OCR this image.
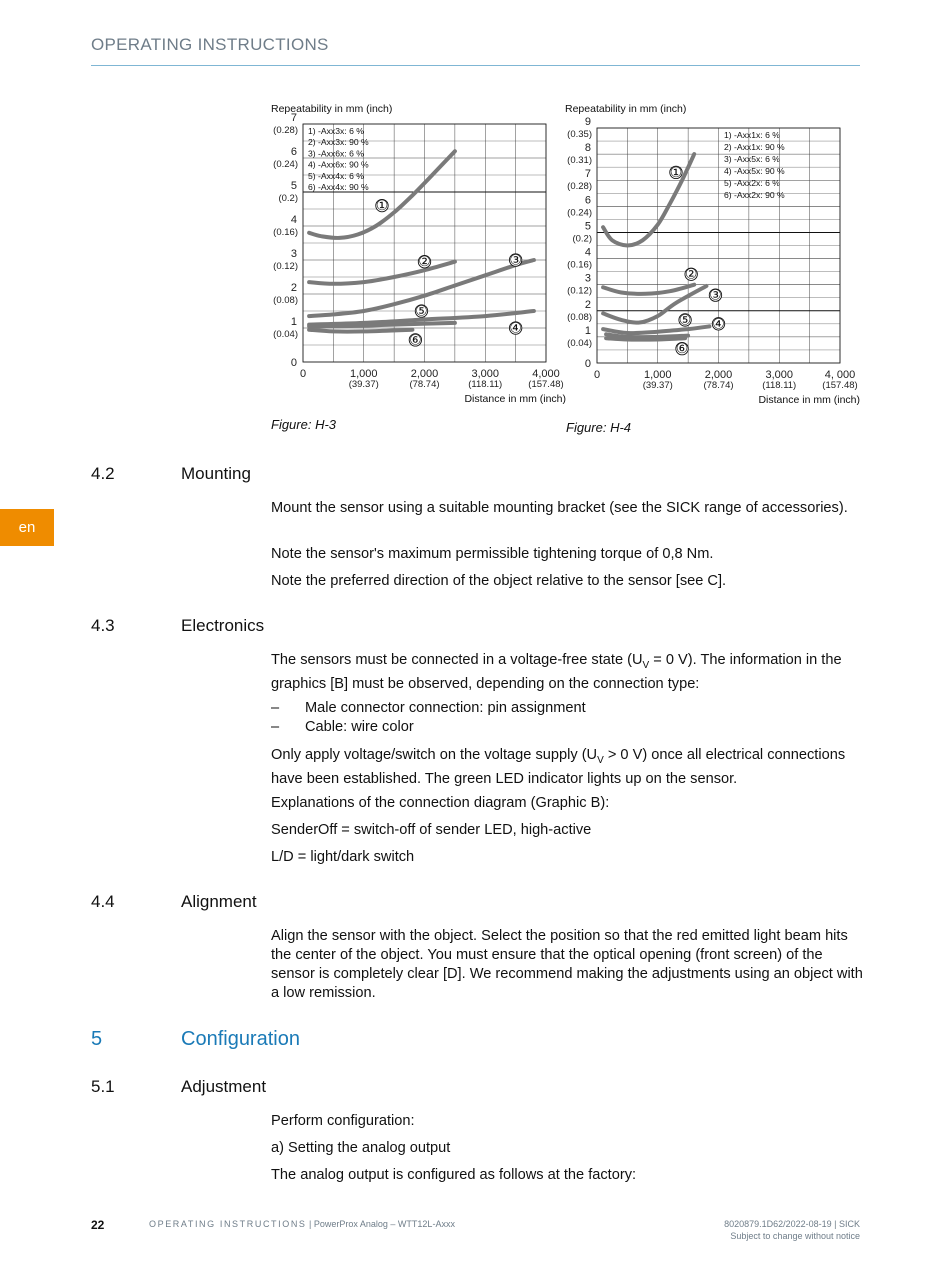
OPERATING INSTRUCTIONS
en
Repeatability in mm (inch)
0
1
(0.04)
2
(0.08)
3
(0.12)
4
(0.16)
5
(0.2)
6
(0.24)
7
(0.28)
0	1,000
(39.37)
2,000
(78.74)
3,000
(118.11)
4,000
(157.48)
Distance in mm (inch)
1) -Axx3x: 6 %
2) -Axx3x: 90 %
3) -Axx6x: 6 %
4) -Axx6x: 90 %
5) -Axx4x: 6 %
6) -Axx4x: 90 %
①
②	③
④
⑤
⑥
Figure: H-3
Repeatability in mm (inch)
0
1
(0.04)
2
(0.08)
3
(0.12)
4
(0.16)
5
(0.2)
6
(0.24)
7
(0.28)
8
(0.31)
9
(0.35)
0	1,000
(39.37)
2,000
(78.74)
3,000
(118.11)
4, 000
(157.48)
Distance in mm (inch)
1) -Axx1x: 6 %
2) -Axx1x: 90 %
3) -Axx5x: 6 %
4) -Axx5x: 90 %
5) -Axx2x: 6 %
6) -Axx2x: 90 %
①
②
③
④
⑤
⑥
Figure: H-4
4.2	Mounting
Mount the sensor using a suitable mounting bracket (see the SICK range of accessories).
Note the sensor's maximum permissible tightening torque of 0,8 Nm.
Note the preferred direction of the object relative to the sensor [see C].
4.3	Electronics
The sensors must be connected in a voltage-free state ($U_V = 0$ V). The information in the graphics [B] must be observed, depending on the connection type:
– Male connector connection: pin assignment
– Cable: wire color
Only apply voltage/switch on the voltage supply ($U_V > 0$ V) once all electrical connections have been established. The green LED indicator lights up on the sensor.
Explanations of the connection diagram (Graphic B):
SenderOff = switch-off of sender LED, high-active
L/D = light/dark switch
4.4	Alignment
Align the sensor with the object. Select the position so that the red emitted light beam hits the center of the object. You must ensure that the optical opening (front screen) of the sensor is completely clear [D]. We recommend making the adjustments using an object with a low remission.
5	Configuration
5.1	Adjustment
Perform configuration:
a) Setting the analog output
The analog output is configured as follows at the factory:
22	OPERATING INSTRUCTIONS | PowerProx Analog – WTT12L-Axxx	8020879.1D62/2022-08-19 | SICK
Subject to change without notice
